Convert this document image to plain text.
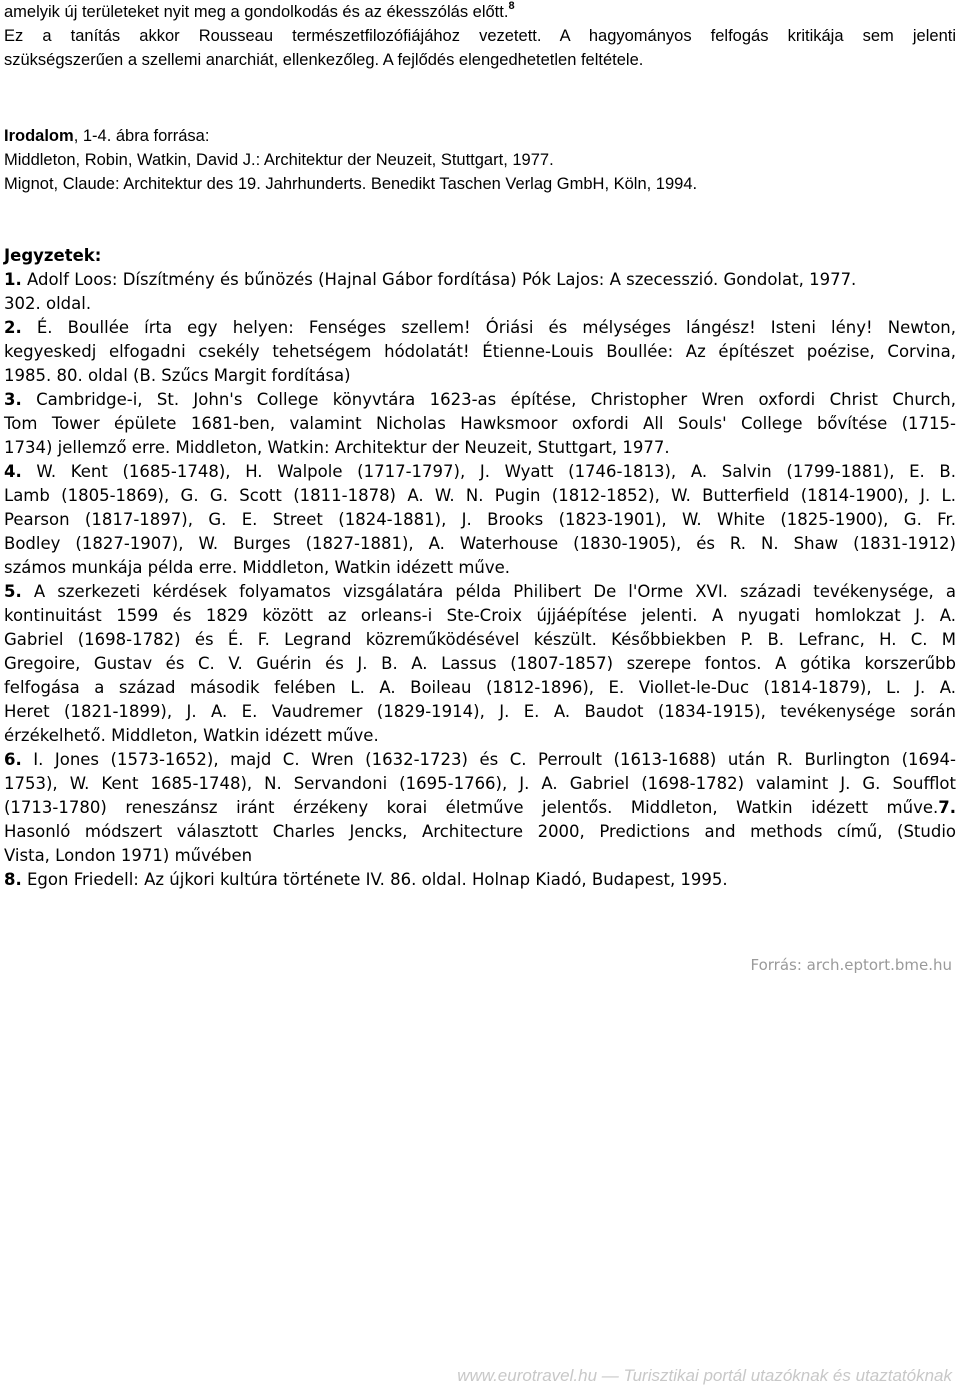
amelyik új területeket nyit meg a gondolkodás és az ékesszólás előtt.$^8$

Ez a tanítás akkor Rousseau természetfilozófiájához vezetett. A hagyományos felfogás kritikája sem jelenti

szükségszerűen a szellemi anarchiát, ellenkezőleg. A fejlődés elengedhetetlen feltétele.

Irodalom, 1-4. ábra forrása:

Middleton, Robin, Watkin, David J.: Architektur der Neuzeit, Stuttgart, 1977.

Mignot, Claude: Architektur des 19. Jahrhunderts. Benedikt Taschen Verlag GmbH, Köln, 1994.

Jegyzetek:

1. Adolf Loos: Díszítmény és bűnözés (Hajnal Gábor fordítása) Pók Lajos: A szecesszió. Gondolat, 1977.

302. oldal.

2. É. Boullée írta egy helyen: Fenséges szellem! Óriási és mélységes lángész! Isteni lény! Newton,

kegyeskedj elfogadni csekély tehetségem hódolatát! Étienne-Louis Boullée: Az építészet poézise, Corvina,

1985. 80. oldal (B. Szűcs Margit fordítása)

3. Cambridge-i, St. John's College könyvtára 1623-as építése, Christopher Wren oxfordi Christ Church,

Tom Tower épülete 1681-ben, valamint Nicholas Hawksmoor oxfordi All Souls' College bővítése (1715-

1734) jellemző erre. Middleton, Watkin: Architektur der Neuzeit, Stuttgart, 1977.

4. W. Kent (1685-1748), H. Walpole (1717-1797), J. Wyatt (1746-1813), A. Salvin (1799-1881), E. B.

Lamb (1805-1869), G. G. Scott (1811-1878) A. W. N. Pugin (1812-1852), W. Butterfield (1814-1900), J. L.

Pearson (1817-1897), G. E. Street (1824-1881), J. Brooks (1823-1901), W. White (1825-1900), G. Fr.

Bodley (1827-1907), W. Burges (1827-1881), A. Waterhouse (1830-1905), és R. N. Shaw (1831-1912)

számos munkája példa erre. Middleton, Watkin idézett műve.

5. A szerkezeti kérdések folyamatos vizsgálatára példa Philibert De l'Orme XVI. századi tevékenysége, a

kontinuitást 1599 és 1829 között az orleans-i Ste-Croix újjáépítése jelenti. A nyugati homlokzat J. A.

Gabriel (1698-1782) és É. F. Legrand közreműködésével készült. Későbbiekben P. B. Lefranc, H. C. M

Gregoire, Gustav és C. V. Guérin és J. B. A. Lassus (1807-1857) szerepe fontos. A gótika korszerűbb

felfogása a század második felében L. A. Boileau (1812-1896), E. Viollet-le-Duc (1814-1879), L. J. A.

Heret (1821-1899), J. A. E. Vaudremer (1829-1914), J. E. A. Baudot (1834-1915), tevékenysége során

érzékelhető. Middleton, Watkin idézett műve.

6. I. Jones (1573-1652), majd C. Wren (1632-1723) és C. Perroult (1613-1688) után R. Burlington (1694-

1753), W. Kent 1685-1748), N. Servandoni (1695-1766), J. A. Gabriel (1698-1782) valamint J. G. Soufflot

(1713-1780) reneszánsz iránt érzékeny korai életműve jelentős. Middleton, Watkin idézett műve.7.

Hasonló módszert választott Charles Jencks, Architecture 2000, Predictions and methods című, (Studio

Vista, London 1971) művében

8. Egon Friedell: Az újkori kultúra története IV. 86. oldal. Holnap Kiadó, Budapest, 1995.

Forrás: arch.eptort.bme.hu
www.eurotravel.hu — Turisztikai portál utazóknak és utaztatóknak
